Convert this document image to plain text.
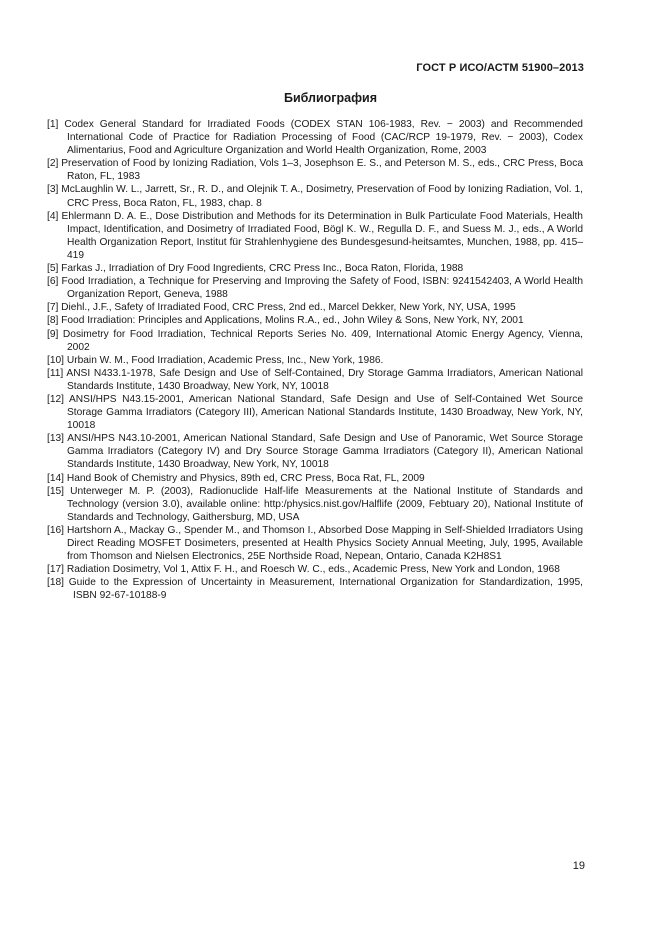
ГОСТ Р ИСО/АСТМ 51900–2013
Библиография

[1] Codex General Standard for Irradiated Foods (CODEX STAN 106-1983, Rev. − 2003) and Recommended International Code of Practice for Radiation Processing of Food (CAC/RCP 19-1979, Rev. − 2003), Codex Alimentarius, Food and Agriculture Organization and World Health Organization, Rome, 2003

[2] Preservation of Food by Ionizing Radiation, Vols 1–3, Josephson E. S., and Peterson M. S., eds., CRC Press, Boca Raton, FL, 1983

[3] McLaughlin W. L., Jarrett, Sr., R. D., and Olejnik T. A., Dosimetry, Preservation of Food by Ionizing Radiation, Vol. 1, CRC Press, Boca Raton, FL, 1983, chap. 8

[4] Ehlermann D. A. E., Dose Distribution and Methods for its Determination in Bulk Particulate Food Materials, Health Impact, Identification, and Dosimetry of Irradiated Food, Bögl K. W., Regulla D. F., and Suess M. J., eds., A World Health Organization Report, Institut für Strahlenhygiene des Bundesgesund-heitsamtes, Munchen, 1988, pp. 415–419

[5] Farkas J., Irradiation of Dry Food Ingredients, CRC Press Inc., Boca Raton, Florida, 1988

[6] Food Irradiation, a Technique for Preserving and Improving the Safety of Food, ISBN: 9241542403, A World Health Organization Report, Geneva, 1988

[7] Diehl., J.F., Safety of Irradiated Food, CRC Press, 2nd ed., Marcel Dekker, New York, NY, USA, 1995

[8] Food Irradiation: Principles and Applications, Molins R.A., ed., John Wiley & Sons, New York, NY, 2001

[9] Dosimetry for Food Irradiation, Technical Reports Series No. 409, International Atomic Energy Agency, Vienna, 2002

[10] Urbain W. M., Food Irradiation, Academic Press, Inc., New York, 1986.

[11] ANSI N433.1-1978, Safe Design and Use of Self-Contained, Dry Storage Gamma Irradiators, American National Standards Institute, 1430 Broadway, New York, NY, 10018

[12] ANSI/HPS N43.15-2001, American National Standard, Safe Design and Use of Self-Contained Wet Source Storage Gamma Irradiators (Category III), American National Standards Institute, 1430 Broadway, New York, NY, 10018

[13] ANSI/HPS N43.10-2001, American National Standard, Safe Design and Use of Panoramic, Wet Source Storage Gamma Irradiators (Category IV) and Dry Source Storage Gamma Irradiators (Category II), American National Standards Institute, 1430 Broadway, New York, NY, 10018

[14] Hand Book of Chemistry and Physics, 89th ed, CRC Press, Boca Rat, FL, 2009

[15] Unterweger M. P. (2003), Radionuclide Half-life Measurements at the National Institute of Standards and Technology (version 3.0), available online: http:/physics.nist.gov/Halflife (2009, Febtuary 20), National Institute of Standards and Technology, Gaithersburg, MD, USA

[16] Hartshorn A., Mackay G., Spender M., and Thomson I., Absorbed Dose Mapping in Self-Shielded Irradiators Using Direct Reading MOSFET Dosimeters, presented at Health Physics Society Annual Meeting, July, 1995, Available from Thomson and Nielsen Electronics, 25E Northside Road, Nepean, Ontario, Canada K2H8S1

[17] Radiation Dosimetry, Vol 1, Attix F. H., and Roesch W. C., eds., Academic Press, New York and London, 1968

[18] Guide to the Expression of Uncertainty in Measurement, International Organization for Standardization, 1995, ISBN 92-67-10188-9

19
